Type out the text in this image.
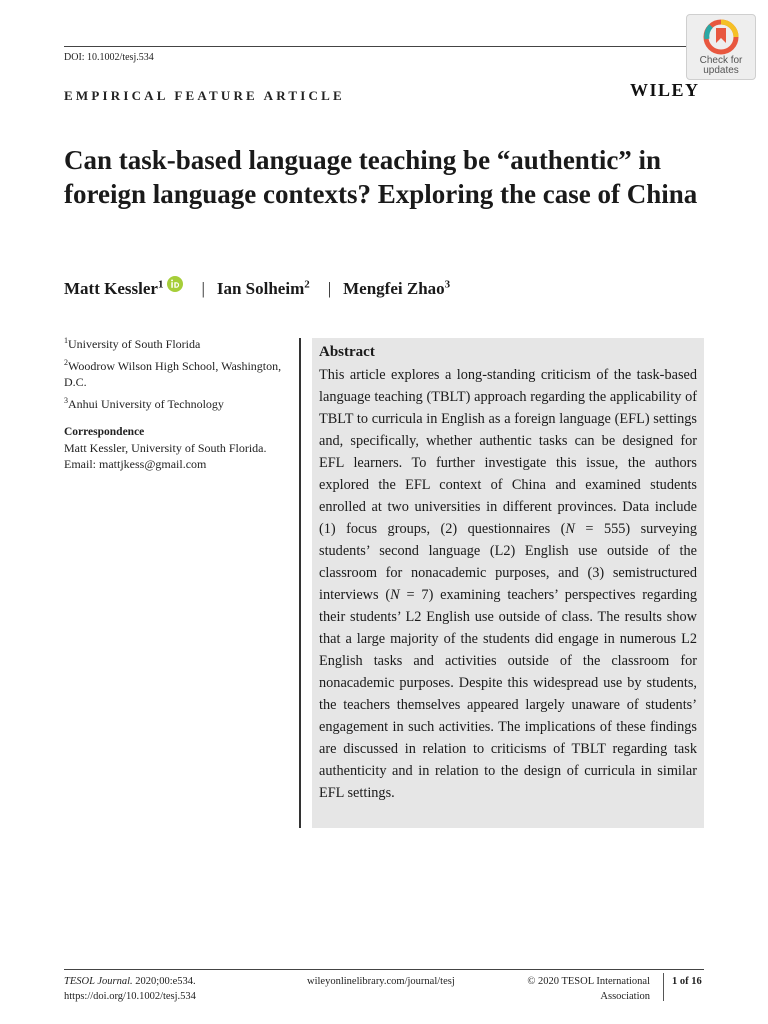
DOI: 10.1002/tesj.534	Check for
updates
EMPIRICAL FEATURE ARTICLE	WILEY
Can task-based language teaching be “authentic” in foreign language contexts? Exploring the case of China
Matt Kessler$^1$ | Ian Solheim$^2$ | Mengfei Zhao$^3$

$^1$University of South Florida

$^2$Woodrow Wilson High School, Washington, D.C.

$^3$Anhui University of Technology

Correspondence
Matt Kessler, University of South Florida.
Email: mattjkess@gmail.com
Abstract
This article explores a long-standing criticism of the task-based language teaching (TBLT) approach regarding the applicability of TBLT to curricula in English as a foreign language (EFL) settings and, specifically, whether authentic tasks can be designed for EFL learners. To further investigate this issue, the authors explored the EFL context of China and examined students enrolled at two universities in different provinces. Data include (1) focus groups, (2) questionnaires (N = 555) surveying students’ second language (L2) English use outside of the classroom for nonacademic purposes, and (3) semistructured interviews (N = 7) examining teachers’ perspectives regarding their students’ L2 English use outside of class. The results show that a large majority of the students did engage in numerous L2 English tasks and activities outside of the classroom for nonacademic purposes. Despite this widespread use by students, the teachers themselves appeared largely unaware of students’ engagement in such activities. The implications of these findings are discussed in relation to criticisms of TBLT regarding task authenticity and in relation to the design of curricula in similar EFL settings.
TESOL Journal. 2020;00:e534.
https://doi.org/10.1002/tesj.534
wileyonlinelibrary.com/journal/tesj	© 2020 TESOL International
Association
1 of 16
